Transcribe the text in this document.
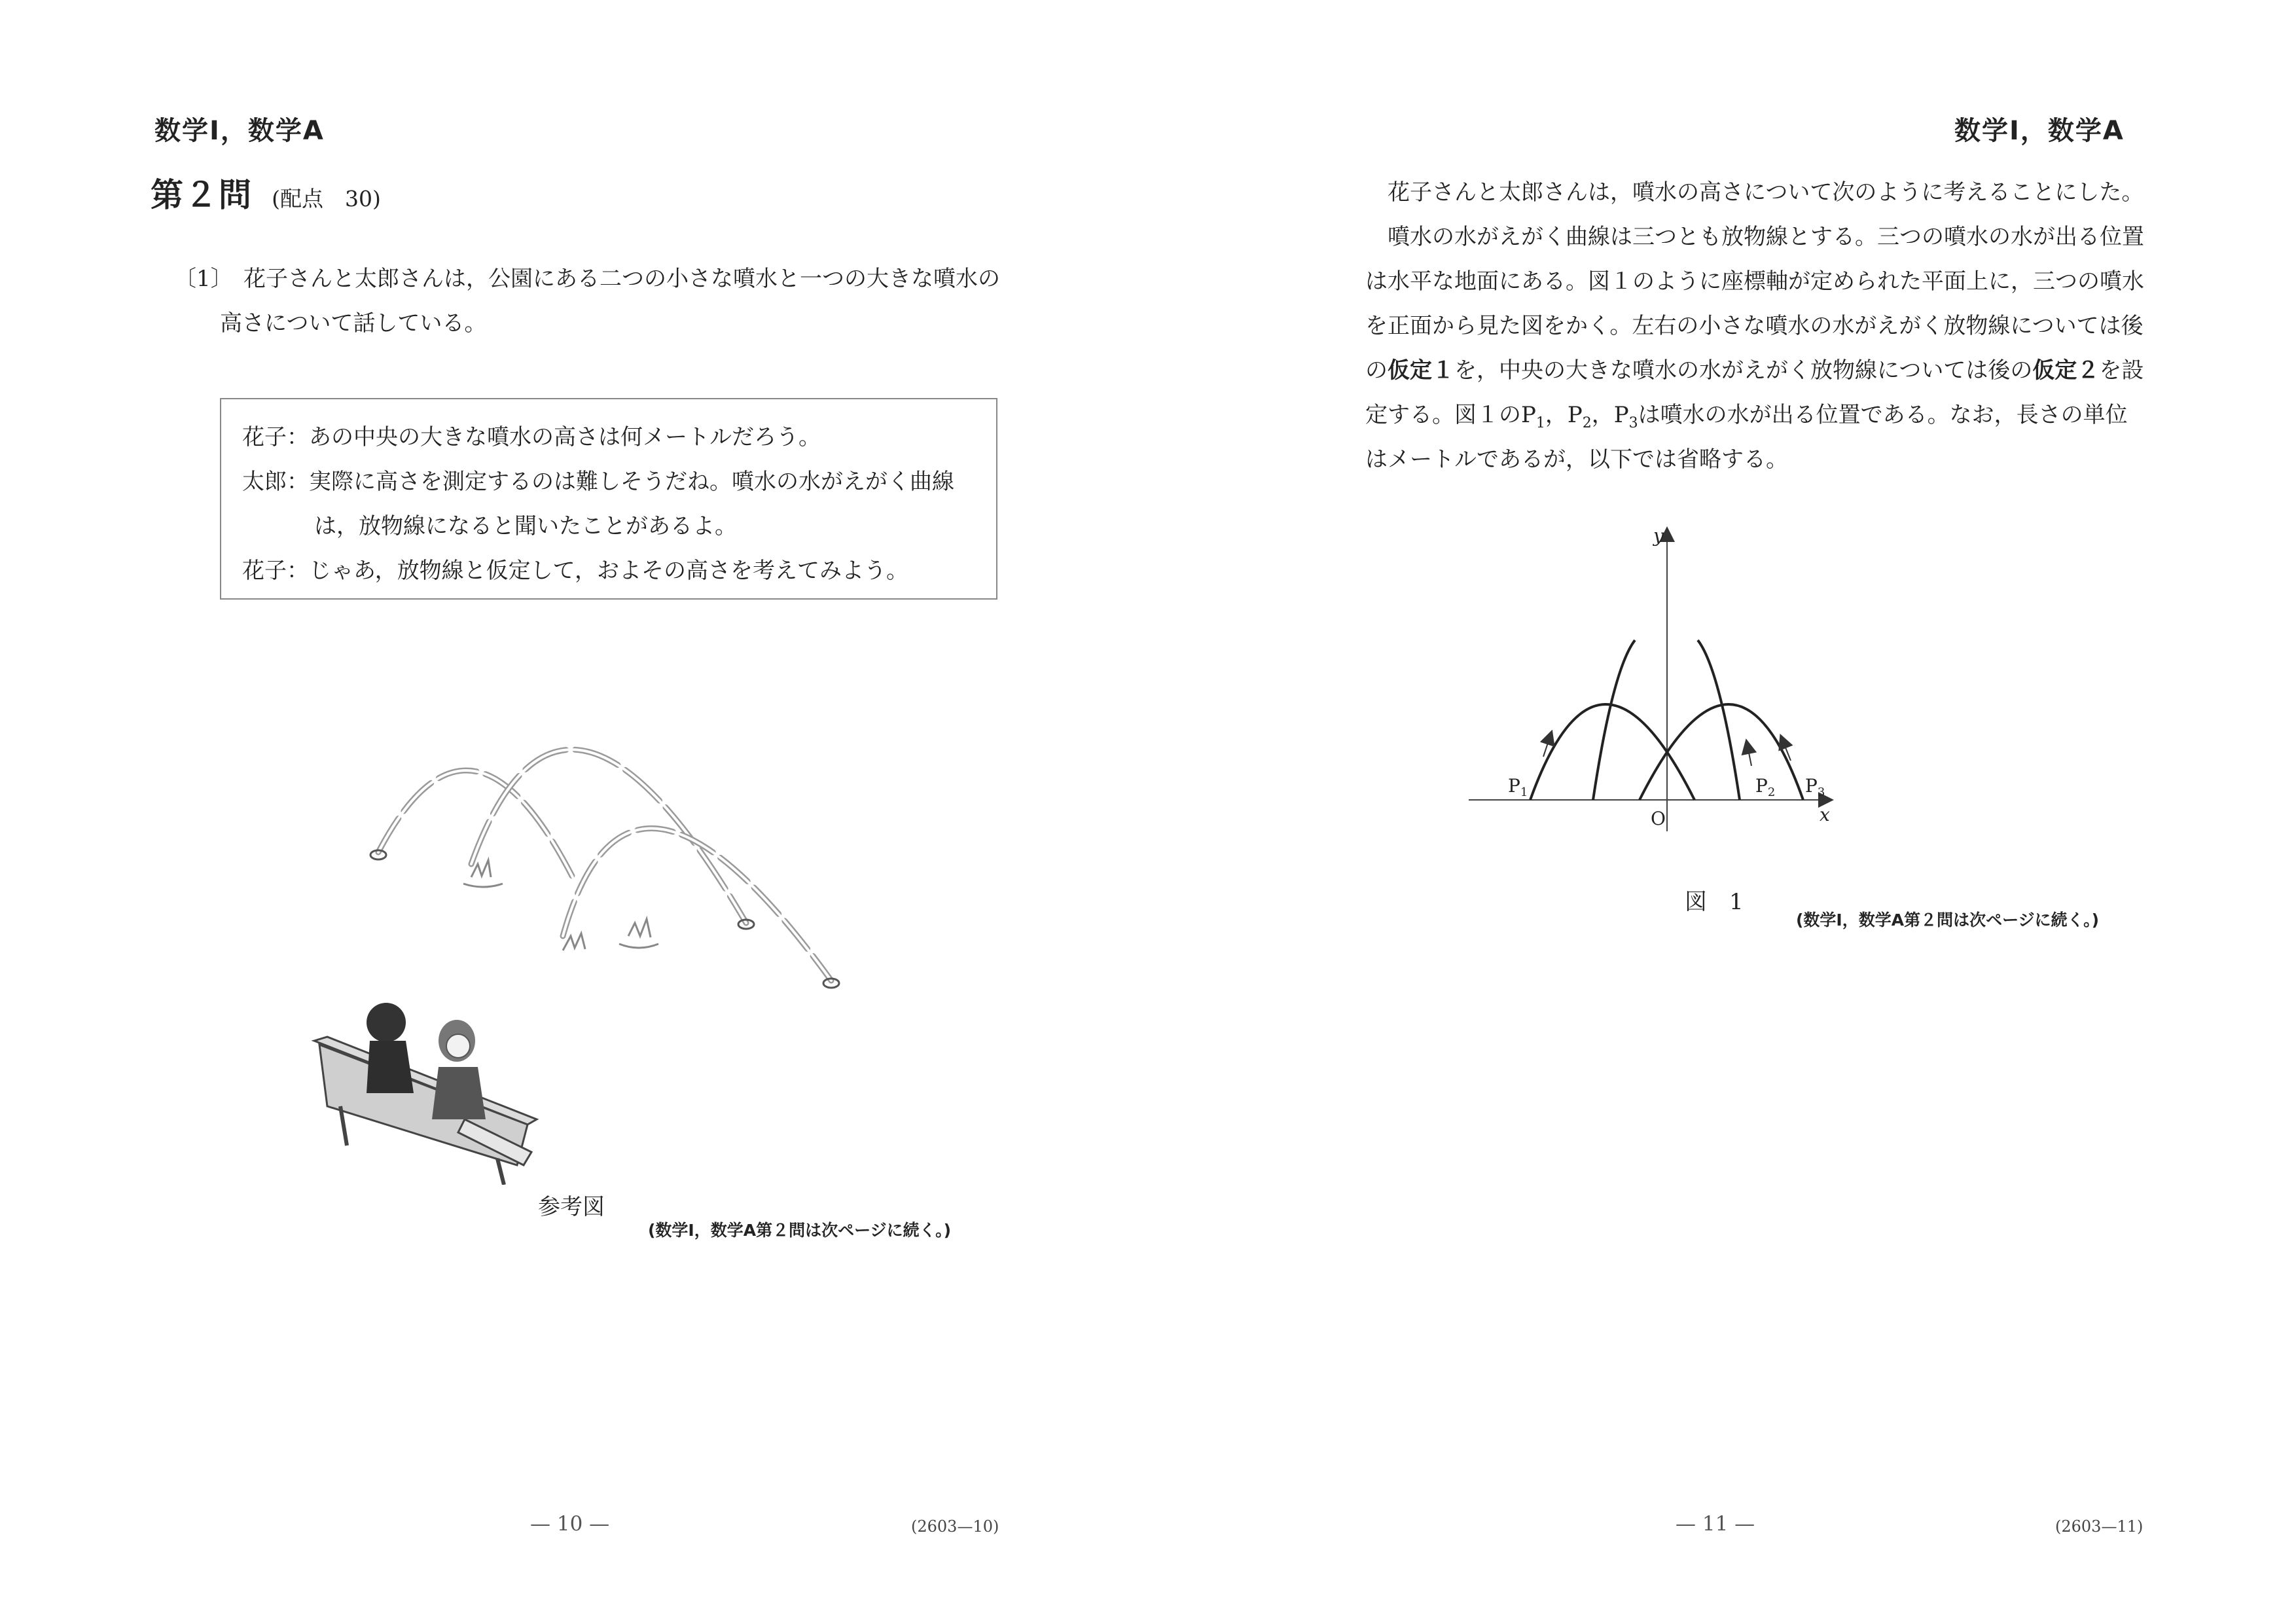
数学Ⅰ，数学A
第２問 (配点　30)
〔1〕 花子さんと太郎さんは，公園にある二つの小さな噴水と一つの大きな噴水の
高さについて話している。
花子：あの中央の大きな噴水の高さは何メートルだろう。
太郎：実際に高さを測定するのは難しそうだね。噴水の水がえがく曲線
は，放物線になると聞いたことがあるよ。
花子：じゃあ，放物線と仮定して，およその高さを考えてみよう。
参考図
(数学Ⅰ，数学A第２問は次ページに続く。)
— 10 —	(2603—10)
数学Ⅰ，数学A
花子さんと太郎さんは，噴水の高さについて次のように考えることにした。
噴水の水がえがく曲線は三つとも放物線とする。三つの噴水の水が出る位置
は水平な地面にある。図１のように座標軸が定められた平面上に，三つの噴水
を正面から見た図をかく。左右の小さな噴水の水がえがく放物線については後
の仮定１を，中央の大きな噴水の水がえがく放物線については後の仮定２を設
定する。図１の$P_1$，$P_2$，$P_3$は噴水の水が出る位置である。なお，長さの単位
はメートルであるが，以下では省略する。
y
x
O
$P_1$	$P_2$ $P_3$
図　1
(数学Ⅰ，数学A第２問は次ページに続く。)
— 11 —	(2603—11)
